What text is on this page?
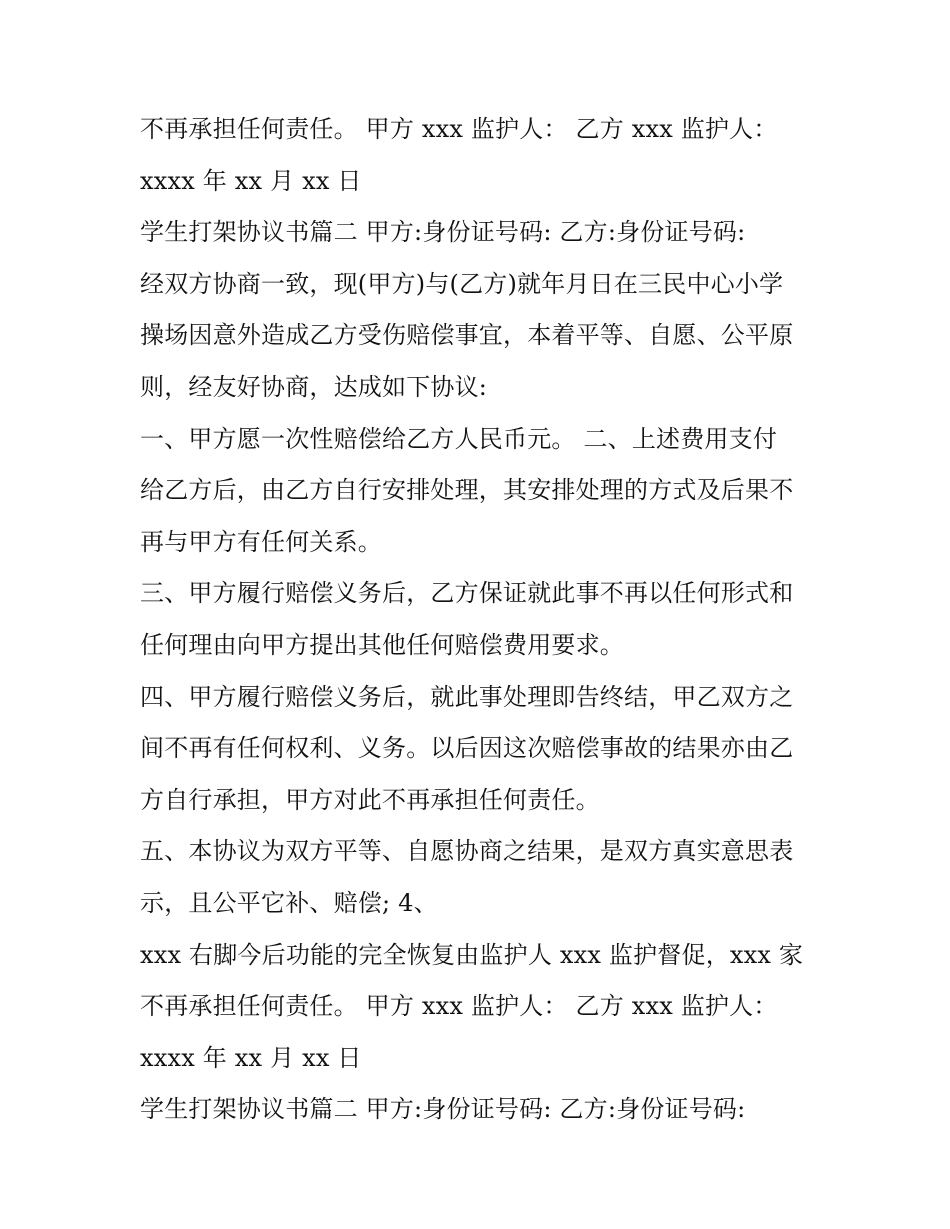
不再承担任何责任。 甲方 xxx 监护人： 乙方 xxx 监护人：
xxxx 年 xx 月 xx 日
学生打架协议书篇二 甲方:身份证号码: 乙方:身份证号码:
经双方协商一致，现(甲方)与(乙方)就年月日在三民中心小学
操场因意外造成乙方受伤赔偿事宜，本着平等、自愿、公平原
则，经友好协商，达成如下协议:
一、甲方愿一次性赔偿给乙方人民币元。 二、上述费用支付
给乙方后，由乙方自行安排处理，其安排处理的方式及后果不
再与甲方有任何关系。
三、甲方履行赔偿义务后，乙方保证就此事不再以任何形式和
任何理由向甲方提出其他任何赔偿费用要求。
四、甲方履行赔偿义务后，就此事处理即告终结，甲乙双方之
间不再有任何权利、义务。以后因这次赔偿事故的结果亦由乙
方自行承担，甲方对此不再承担任何责任。
五、本协议为双方平等、自愿协商之结果，是双方真实意思表
示，且公平它补、赔偿; 4、
xxx 右脚今后功能的完全恢复由监护人 xxx 监护督促，xxx 家
不再承担任何责任。 甲方 xxx 监护人： 乙方 xxx 监护人：
xxxx 年 xx 月 xx 日
学生打架协议书篇二 甲方:身份证号码: 乙方:身份证号码:
